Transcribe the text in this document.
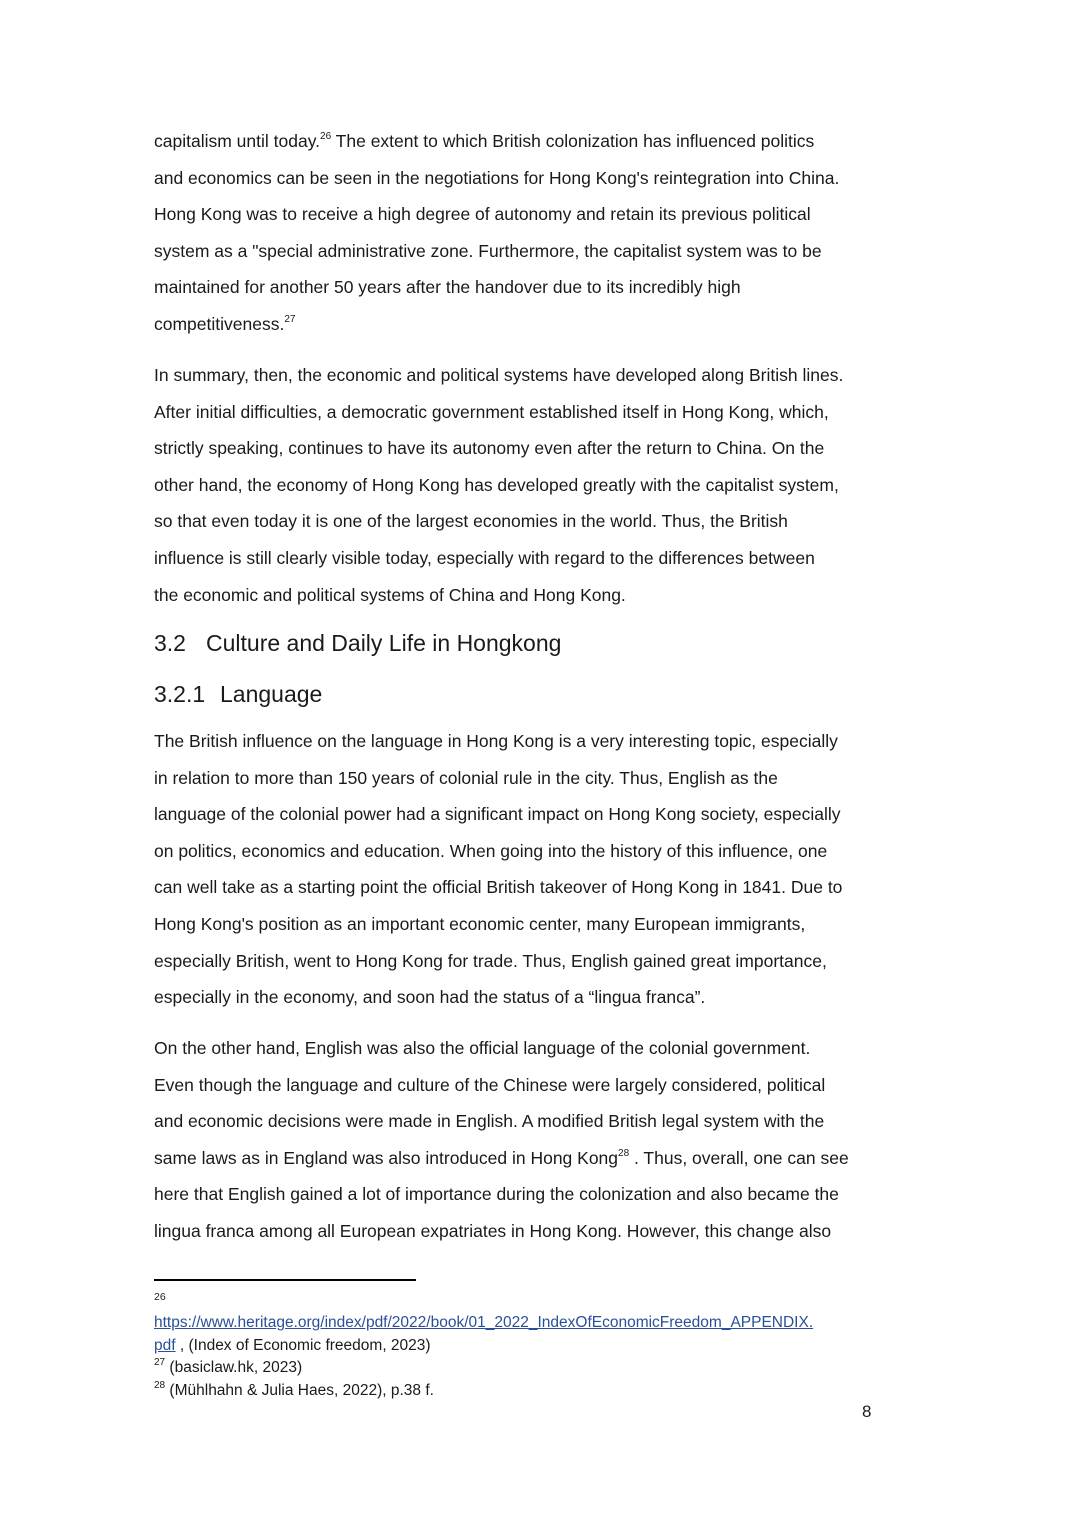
capitalism until today.$^{26}$ The extent to which British colonization has influenced politics
and economics can be seen in the negotiations for Hong Kong's reintegration into China.
Hong Kong was to receive a high degree of autonomy and retain its previous political
system as a "special administrative zone. Furthermore, the capitalist system was to be
maintained for another 50 years after the handover due to its incredibly high
competitiveness.$^{27}$

In summary, then, the economic and political systems have developed along British lines.
After initial difficulties, a democratic government established itself in Hong Kong, which,
strictly speaking, continues to have its autonomy even after the return to China. On the
other hand, the economy of Hong Kong has developed greatly with the capitalist system,
so that even today it is one of the largest economies in the world. Thus, the British
influence is still clearly visible today, especially with regard to the differences between
the economic and political systems of China and Hong Kong.

3.2 Culture and Daily Life in Hongkong
3.2.1 Language

The British influence on the language in Hong Kong is a very interesting topic, especially
in relation to more than 150 years of colonial rule in the city. Thus, English as the
language of the colonial power had a significant impact on Hong Kong society, especially
on politics, economics and education. When going into the history of this influence, one
can well take as a starting point the official British takeover of Hong Kong in 1841. Due to
Hong Kong's position as an important economic center, many European immigrants,
especially British, went to Hong Kong for trade. Thus, English gained great importance,
especially in the economy, and soon had the status of a “lingua franca”.

On the other hand, English was also the official language of the colonial government.
Even though the language and culture of the Chinese were largely considered, political
and economic decisions were made in English. A modified British legal system with the
same laws as in England was also introduced in Hong Kong$^{28}$ . Thus, overall, one can see
here that English gained a lot of importance during the colonization and also became the
lingua franca among all European expatriates in Hong Kong. However, this change also

26

https://www.heritage.org/index/pdf/2022/book/01_2022_IndexOfEconomicFreedom_APPENDIX.
pdf , (Index of Economic freedom, 2023)

$^{27}$ (basiclaw.hk, 2023)

$^{28}$ (Mühlhahn & Julia Haes, 2022), p.38 f.

8
